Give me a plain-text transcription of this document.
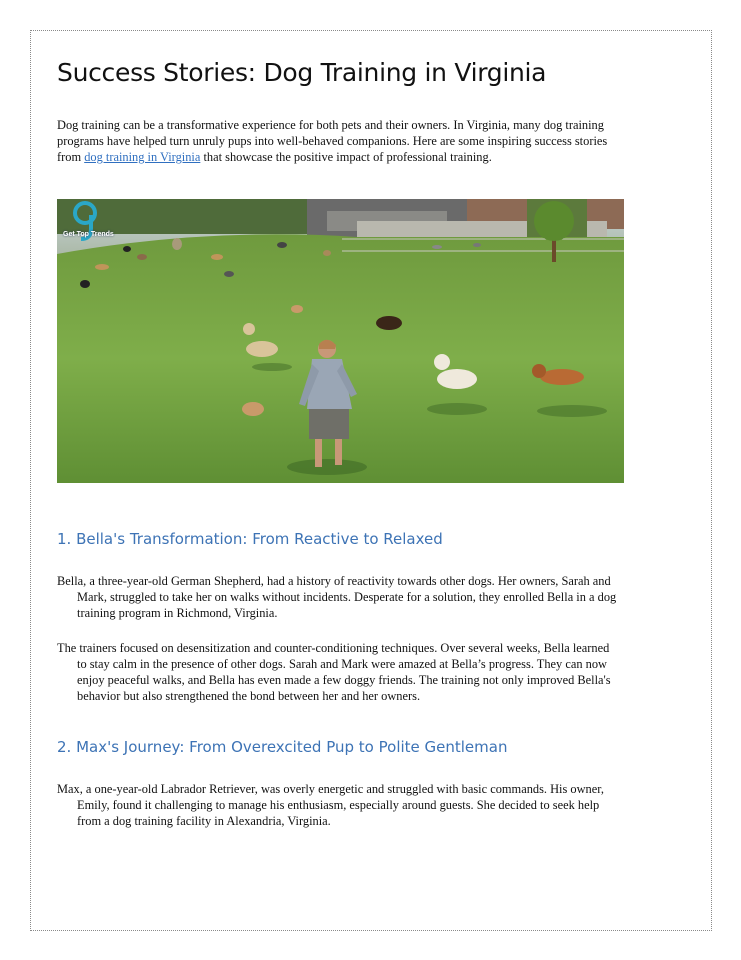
Success Stories: Dog Training in Virginia

Dog training can be a transformative experience for both pets and their owners. In Virginia, many dog training programs have helped turn unruly pups into well-behaved companions. Here are some inspiring success stories from dog training in Virginia that showcase the positive impact of professional training.

Get Top Trends
1. Bella's Transformation: From Reactive to Relaxed

Bella, a three-year-old German Shepherd, had a history of reactivity towards other dogs. Her owners, Sarah and Mark, struggled to take her on walks without incidents. Desperate for a solution, they enrolled Bella in a dog training program in Richmond, Virginia.

The trainers focused on desensitization and counter-conditioning techniques. Over several weeks, Bella learned to stay calm in the presence of other dogs. Sarah and Mark were amazed at Bella’s progress. They can now enjoy peaceful walks, and Bella has even made a few doggy friends. The training not only improved Bella's behavior but also strengthened the bond between her and her owners.

2. Max's Journey: From Overexcited Pup to Polite Gentleman

Max, a one-year-old Labrador Retriever, was overly energetic and struggled with basic commands. His owner, Emily, found it challenging to manage his enthusiasm, especially around guests. She decided to seek help from a dog training facility in Alexandria, Virginia.
